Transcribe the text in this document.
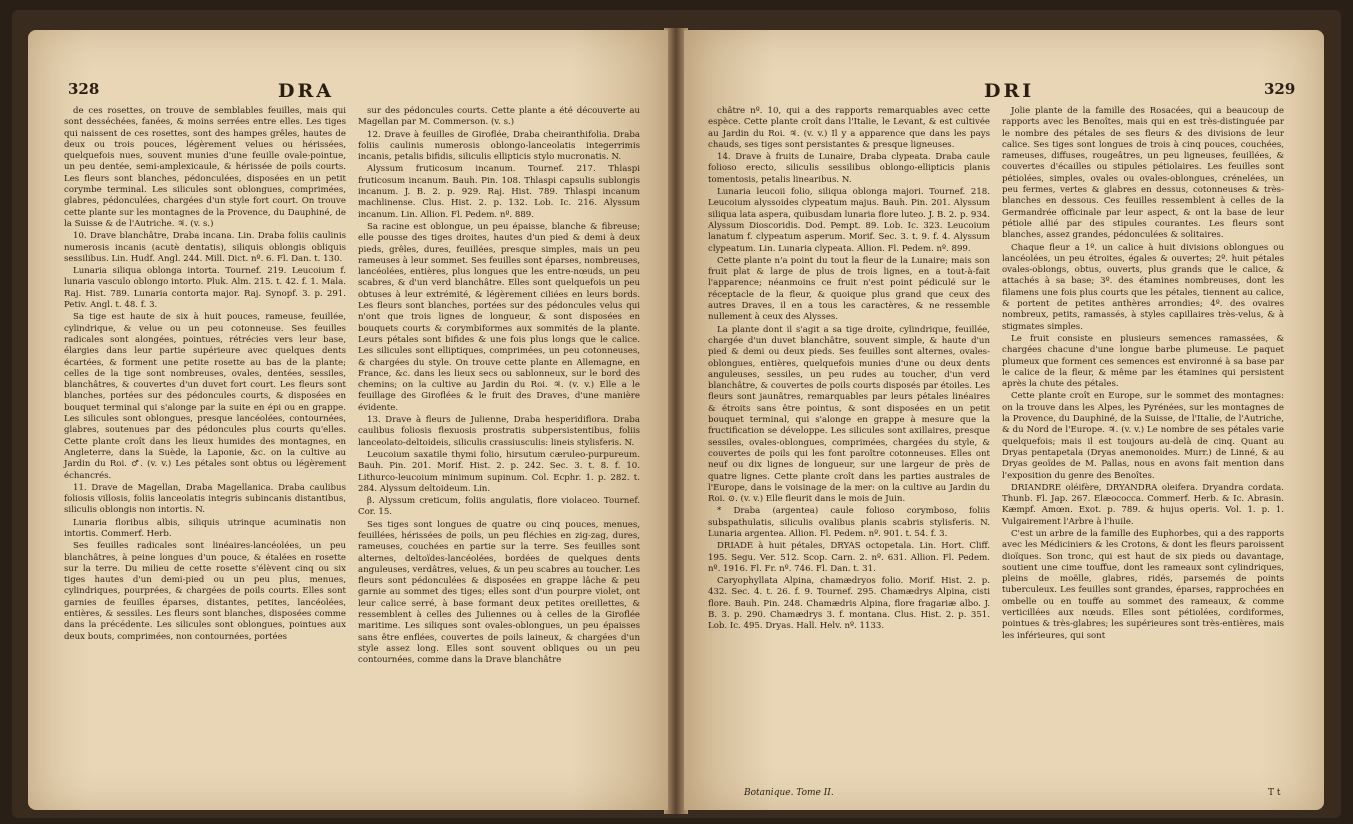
328	DRA

de ces rosettes, on trouve de semblables feuilles, mais qui sont desséchées, fanées, & moins serrées entre elles. Les tiges qui naissent de ces rosettes, sont des hampes grêles, hautes de deux ou trois pouces, légèrement velues ou hérissées, quelquefois nues, souvent munies d'une feuille ovale-pointue, un peu dentée, semi-amplexicaule, & hérissée de poils courts. Les fleurs sont blanches, pédonculées, disposées en un petit corymbe terminal. Les silicules sont oblongues, comprimées, glabres, pédonculées, chargées d'un style fort court. On trouve cette plante sur les montagnes de la Provence, du Dauphiné, de la Suisse & de l'Autriche. ♃. (v. s.)

10. Drave blanchâtre, Draba incana. Lin. Draba foliis caulinis numerosis incanis (acutè dentatis), siliquis oblongis obliquis sessilibus. Lin. Hudf. Angl. 244. Mill. Dict. nº. 6. Fl. Dan. t. 130.

Lunaria siliqua oblonga intorta. Tournef. 219. Leucoium f. lunaria vasculo oblongo intorto. Pluk. Alm. 215. t. 42. f. 1. Mala. Raj. Hist. 789. Lunaria contorta major. Raj. Synopf. 3. p. 291. Petiv. Angl. t. 48. f. 3.

Sa tige est haute de six à huit pouces, rameuse, feuillée, cylindrique, & velue ou un peu cotonneuse. Ses feuilles radicales sont alongées, pointues, rétrécies vers leur base, élargies dans leur partie supérieure avec quelques dents écartées, & forment une petite rosette au bas de la plante; celles de la tige sont nombreuses, ovales, dentées, sessiles, blanchâtres, & couvertes d'un duvet fort court. Les fleurs sont blanches, portées sur des pédoncules courts, & disposées en bouquet terminal qui s'alonge par la suite en épi ou en grappe. Les silicules sont oblongues, presque lancéolées, contournées, glabres, soutenues par des pédoncules plus courts qu'elles. Cette plante croît dans les lieux humides des montagnes, en Angleterre, dans la Suède, la Laponie, &c. on la cultive au Jardin du Roi. ♂. (v. v.) Les pétales sont obtus ou légèrement échancrés.

11. Drave de Magellan, Draba Magellanica. Draba caulibus foliosis villosis, foliis lanceolatis integris subincanis distantibus, siliculis oblongis non intortis. N.

Lunaria floribus albis, siliquis utrinque acuminatis non intortis. Commerf. Herb.

Ses feuilles radicales sont linéaires-lancéolées, un peu blanchâtres, à peine longues d'un pouce, & étalées en rosette sur la terre. Du milieu de cette rosette s'élèvent cinq ou six tiges hautes d'un demi-pied ou un peu plus, menues, cylindriques, pourprées, & chargées de poils courts. Elles sont garnies de feuilles éparses, distantes, petites, lancéolées, entières, & sessiles. Les fleurs sont blanches, disposées comme dans la précédente. Les silicules sont oblongues, pointues aux deux bouts, comprimées, non contournées, portées

sur des pédoncules courts. Cette plante a été découverte au Magellan par M. Commerson. (v. s.)

12. Drave à feuilles de Giroflée, Draba cheiranthifolia. Draba foliis caulinis numerosis oblongo-lanceolatis integerrimis incanis, petalis bifidis, siliculis ellipticis stylo mucronatis. N.

Alyssum fruticosum incanum. Tournef. 217. Thlaspi fruticosum incanum. Bauh. Pin. 108. Thlaspi capsulis sublongis incanum. J. B. 2. p. 929. Raj. Hist. 789. Thlaspi incanum machlinense. Clus. Hist. 2. p. 132. Lob. Ic. 216. Alyssum incanum. Lin. Allion. Fl. Pedem. nº. 889.

Sa racine est oblongue, un peu épaisse, blanche & fibreuse; elle pousse des tiges droites, hautes d'un pied & demi à deux pieds, grêles, dures, feuillées, presque simples, mais un peu rameuses à leur sommet. Ses feuilles sont éparses, nombreuses, lancéolées, entières, plus longues que les entre-nœuds, un peu scabres, & d'un verd blanchâtre. Elles sont quelquefois un peu obtuses à leur extrémité, & légèrement ciliées en leurs bords. Les fleurs sont blanches, portées sur des pédoncules velus qui n'ont que trois lignes de longueur, & sont disposées en bouquets courts & corymbiformes aux sommités de la plante. Leurs pétales sont bifides & une fois plus longs que le calice. Les silicules sont elliptiques, comprimées, un peu cotonneuses, & chargées du style. On trouve cette plante en Allemagne, en France, &c. dans les lieux secs ou sablonneux, sur le bord des chemins; on la cultive au Jardin du Roi. ♃. (v. v.) Elle a le feuillage des Giroflées & le fruit des Draves, d'une manière évidente.

13. Drave à fleurs de Julienne, Draba hesperidiflora. Draba caulibus foliosis flexuosis prostratis subpersistentibus, foliis lanceolato-deltoideis, siliculis crassiusculis: lineis stylisferis. N.

Leucoium saxatile thymi folio, hirsutum cæruleo-purpureum. Bauh. Pin. 201. Morif. Hist. 2. p. 242. Sec. 3. t. 8. f. 10. Lithurco-leucoium minimum supinum. Col. Ecphr. 1. p. 282. t. 284. Alyssum deltoideum. Lin.

β. Alyssum creticum, foliis angulatis, flore violaceo. Tournef. Cor. 15.

Ses tiges sont longues de quatre ou cinq pouces, menues, feuillées, hérissées de poils, un peu fléchies en zig-zag, dures, rameuses, couchées en partie sur la terre. Ses feuilles sont alternes, deltoïdes-lancéolées, bordées de quelques dents anguleuses, verdâtres, velues, & un peu scabres au toucher. Les fleurs sont pédonculées & disposées en grappe lâche & peu garnie au sommet des tiges; elles sont d'un pourpre violet, ont leur calice serré, à base formant deux petites oreillettes, & ressemblent à celles des Juliennes ou à celles de la Giroflée maritime. Les siliques sont ovales-oblongues, un peu épaisses sans être enflées, couvertes de poils laineux, & chargées d'un style assez long. Elles sont souvent obliques ou un peu contournées, comme dans la Drave blanchâtre

DRI	329

châtre nº. 10, qui a des rapports remarquables avec cette espèce. Cette plante croît dans l'Italie, le Levant, & est cultivée au Jardin du Roi. ♃. (v. v.) Il y a apparence que dans les pays chauds, ses tiges sont persistantes & presque ligneuses.

14. Drave à fruits de Lunaire, Draba clypeata. Draba caule folioso erecto, siliculis sessilibus oblongo-ellipticis planis tomentosis, petalis linearibus. N.

Lunaria leucoii folio, siliqua oblonga majori. Tournef. 218. Leucoium alyssoides clypeatum majus. Bauh. Pin. 201. Alyssum siliqua lata aspera, quibusdam lunaria flore luteo. J. B. 2. p. 934. Alyssum Dioscoridis. Dod. Pempt. 89. Lob. Ic. 323. Leucoium lanatum f. clypeatum asperum. Morif. Sec. 3. t. 9. f. 4. Alyssum clypeatum. Lin. Lunaria clypeata. Allion. Fl. Pedem. nº. 899.

Cette plante n'a point du tout la fleur de la Lunaire; mais son fruit plat & large de plus de trois lignes, en a tout-à-fait l'apparence; néanmoins ce fruit n'est point pédiculé sur le réceptacle de la fleur, & quoique plus grand que ceux des autres Draves, il en a tous les caractères, & ne ressemble nullement à ceux des Alysses.

La plante dont il s'agit a sa tige droite, cylindrique, feuillée, chargée d'un duvet blanchâtre, souvent simple, & haute d'un pied & demi ou deux pieds. Ses feuilles sont alternes, ovales-oblongues, entières, quelquefois munies d'une ou deux dents anguleuses, sessiles, un peu rudes au toucher, d'un verd blanchâtre, & couvertes de poils courts disposés par étoiles. Les fleurs sont jaunâtres, remarquables par leurs pétales linéaires & étroits sans être pointus, & sont disposées en un petit bouquet terminal, qui s'alonge en grappe à mesure que la fructification se développe. Les silicules sont axillaires, presque sessiles, ovales-oblongues, comprimées, chargées du style, & couvertes de poils qui les font paroître cotonneuses. Elles ont neuf ou dix lignes de longueur, sur une largeur de près de quatre lignes. Cette plante croît dans les parties australes de l'Europe, dans le voisinage de la mer: on la cultive au Jardin du Roi. ⊙. (v. v.) Elle fleurit dans le mois de Juin.

* Draba (argentea) caule folioso corymboso, foliis subspathulatis, siliculis ovalibus planis scabris stylisferis. N. Lunaria argentea. Allion. Fl. Pedem. nº. 901. t. 54. f. 3.

DRIADE à huit pétales, DRYAS octopetala. Lin. Hort. Cliff. 195. Segu. Ver. 512. Scop. Carn. 2. nº. 631. Allion. Fl. Pedem. nº. 1916. Fl. Fr. nº. 746. Fl. Dan. t. 31.

Caryophyllata Alpina, chamædryos folio. Morif. Hist. 2. p. 432. Sec. 4. t. 26. f. 9. Tournef. 295. Chamædrys Alpina, cisti flore. Bauh. Pin. 248. Chamædris Alpina, flore fragariæ albo. J. B. 3. p. 290. Chamædrys 3. f. montana. Clus. Hist. 2. p. 351. Lob. Ic. 495. Dryas. Hall. Helv. nº. 1133.

Jolie plante de la famille des Rosacées, qui a beaucoup de rapports avec les Benoîtes, mais qui en est très-distinguée par le nombre des pétales de ses fleurs & des divisions de leur calice. Ses tiges sont longues de trois à cinq pouces, couchées, rameuses, diffuses, rougeâtres, un peu ligneuses, feuillées, & couvertes d'écailles ou stipules pétiolaires. Les feuilles sont pétiolées, simples, ovales ou ovales-oblongues, crénelées, un peu fermes, vertes & glabres en dessus, cotonneuses & très-blanches en dessous. Ces feuilles ressemblent à celles de la Germandrée officinale par leur aspect, & ont la base de leur pétiole allié par des stipules courantes. Les fleurs sont blanches, assez grandes, pédonculées & solitaires.

Chaque fleur a 1º. un calice à huit divisions oblongues ou lancéolées, un peu étroites, égales & ouvertes; 2º. huit pétales ovales-oblongs, obtus, ouverts, plus grands que le calice, & attachés à sa base; 3º. des étamines nombreuses, dont les filamens une fois plus courts que les pétales, tiennent au calice, & portent de petites anthères arrondies; 4º. des ovaires nombreux, petits, ramassés, à styles capillaires très-velus, & à stigmates simples.

Le fruit consiste en plusieurs semences ramassées, & chargées chacune d'une longue barbe plumeuse. Le paquet plumeux que forment ces semences est environné à sa base par le calice de la fleur, & même par les étamines qui persistent après la chute des pétales.

Cette plante croît en Europe, sur le sommet des montagnes: on la trouve dans les Alpes, les Pyrénées, sur les montagnes de la Provence, du Dauphiné, de la Suisse, de l'Italie, de l'Autriche, & du Nord de l'Europe. ♃. (v. v.) Le nombre de ses pétales varie quelquefois; mais il est toujours au-delà de cinq. Quant au Dryas pentapetala (Dryas anemonoides. Murr.) de Linné, & au Dryas geoïdes de M. Pallas, nous en avons fait mention dans l'exposition du genre des Benoîtes.

DRIANDRE oléifère, DRYANDRA oleifera. Dryandra cordata. Thunb. Fl. Jap. 267. Elæococca. Commerf. Herb. & Ic. Abrasin. Kæmpf. Amœn. Exot. p. 789. & hujus operis. Vol. 1. p. 1. Vulgairement l'Arbre à l'huile.

C'est un arbre de la famille des Euphorbes, qui a des rapports avec les Médiciniers & les Crotons, & dont les fleurs paroissent dioïques. Son tronc, qui est haut de six pieds ou davantage, soutient une cime touffue, dont les rameaux sont cylindriques, pleins de moëlle, glabres, ridés, parsemés de points tuberculeux. Les feuilles sont grandes, éparses, rapprochées en ombelle ou en touffe au sommet des rameaux, & comme verticillées aux nœuds. Elles sont pétiolées, cordiformes, pointues & très-glabres; les supérieures sont très-entières, mais les inférieures, qui sont

Botanique. Tome II.	T t
